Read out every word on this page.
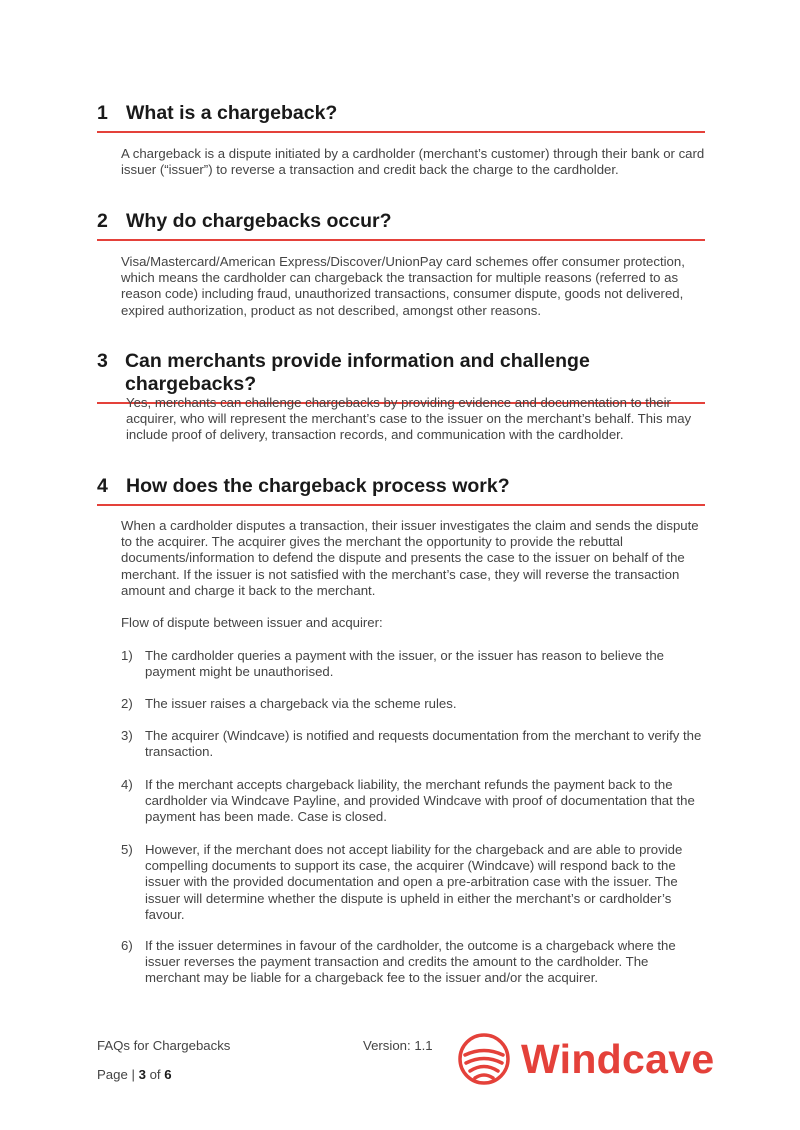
1 What is a chargeback?
A chargeback is a dispute initiated by a cardholder (merchant’s customer) through their bank or card issuer (“issuer”) to reverse a transaction and credit back the charge to the cardholder.
2 Why do chargebacks occur?
Visa/Mastercard/American Express/Discover/UnionPay card schemes offer consumer protection, which means the cardholder can chargeback the transaction for multiple reasons (referred to as reason code) including fraud, unauthorized transactions, consumer dispute, goods not delivered, expired authorization, product as not described, amongst other reasons.
3 Can merchants provide information and challenge chargebacks?
Yes, merchants can challenge chargebacks by providing evidence and documentation to their acquirer, who will represent the merchant’s case to the issuer on the merchant’s behalf. This may include proof of delivery, transaction records, and communication with the cardholder.
4 How does the chargeback process work?
When a cardholder disputes a transaction, their issuer investigates the claim and sends the dispute to the acquirer. The acquirer gives the merchant the opportunity to provide the rebuttal documents/information to defend the dispute and presents the case to the issuer on behalf of the merchant. If the issuer is not satisfied with the merchant’s case, they will reverse the transaction amount and charge it back to the merchant.
Flow of dispute between issuer and acquirer:
1) The cardholder queries a payment with the issuer, or the issuer has reason to believe the payment might be unauthorised.
2) The issuer raises a chargeback via the scheme rules.
3) The acquirer (Windcave) is notified and requests documentation from the merchant to verify the transaction.
4) If the merchant accepts chargeback liability, the merchant refunds the payment back to the cardholder via Windcave Payline, and provided Windcave with proof of documentation that the payment has been made. Case is closed.
5) However, if the merchant does not accept liability for the chargeback and are able to provide compelling documents to support its case, the acquirer (Windcave) will respond back to the issuer with the provided documentation and open a pre-arbitration case with the issuer. The issuer will determine whether the dispute is upheld in either the merchant’s or cardholder’s favour.
6) If the issuer determines in favour of the cardholder, the outcome is a chargeback where the issuer reverses the payment transaction and credits the amount to the cardholder. The merchant may be liable for a chargeback fee to the issuer and/or the acquirer.
FAQs for Chargebacks	Version: 1.1
Page | 3 of 6	Windcave
